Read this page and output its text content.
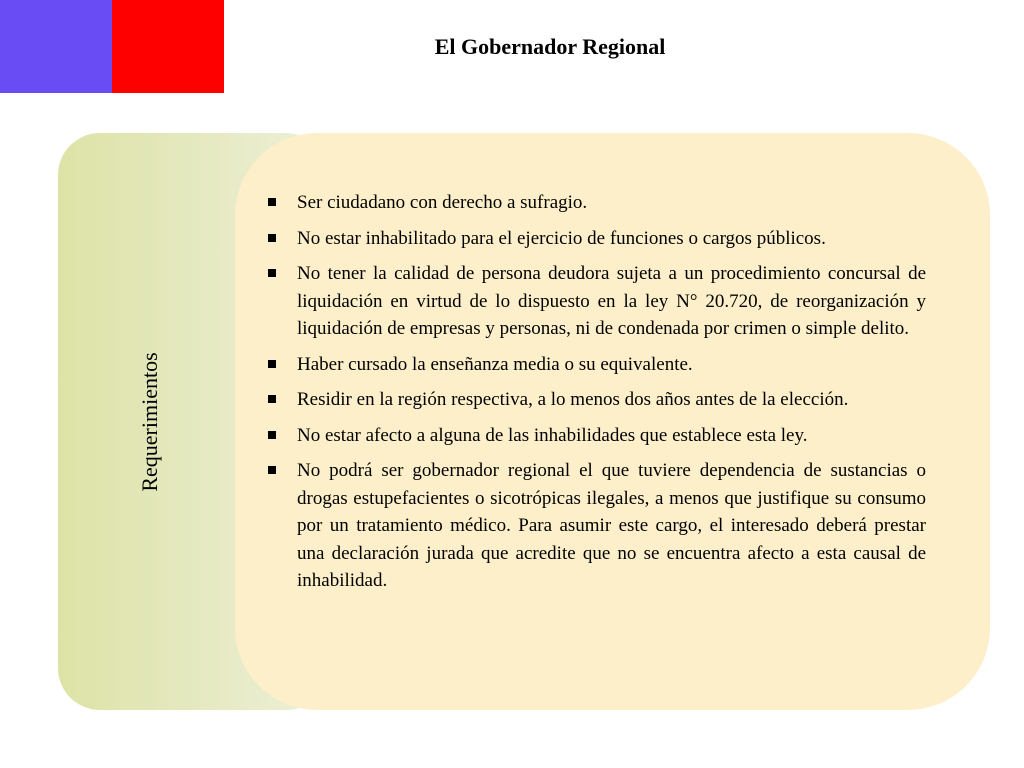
El Gobernador Regional
Requerimientos
Ser ciudadano con derecho a sufragio.
No estar inhabilitado para el ejercicio de funciones o cargos públicos.
No tener la calidad de persona deudora sujeta a un procedimiento concursal de liquidación en virtud de lo dispuesto en la ley N° 20.720, de reorganización y liquidación de empresas y personas, ni de condenada por crimen o simple delito.
Haber cursado la enseñanza media o su equivalente.
Residir en la región respectiva, a lo menos dos años antes de la elección.
No estar afecto a alguna de las inhabilidades que establece esta ley.
No podrá ser gobernador regional el que tuviere dependencia de sustancias o drogas estupefacientes o sicotrópicas ilegales, a menos que justifique su consumo por un tratamiento médico. Para asumir este cargo, el interesado deberá prestar una declaración jurada que acredite que no se encuentra afecto a esta causal de inhabilidad.
